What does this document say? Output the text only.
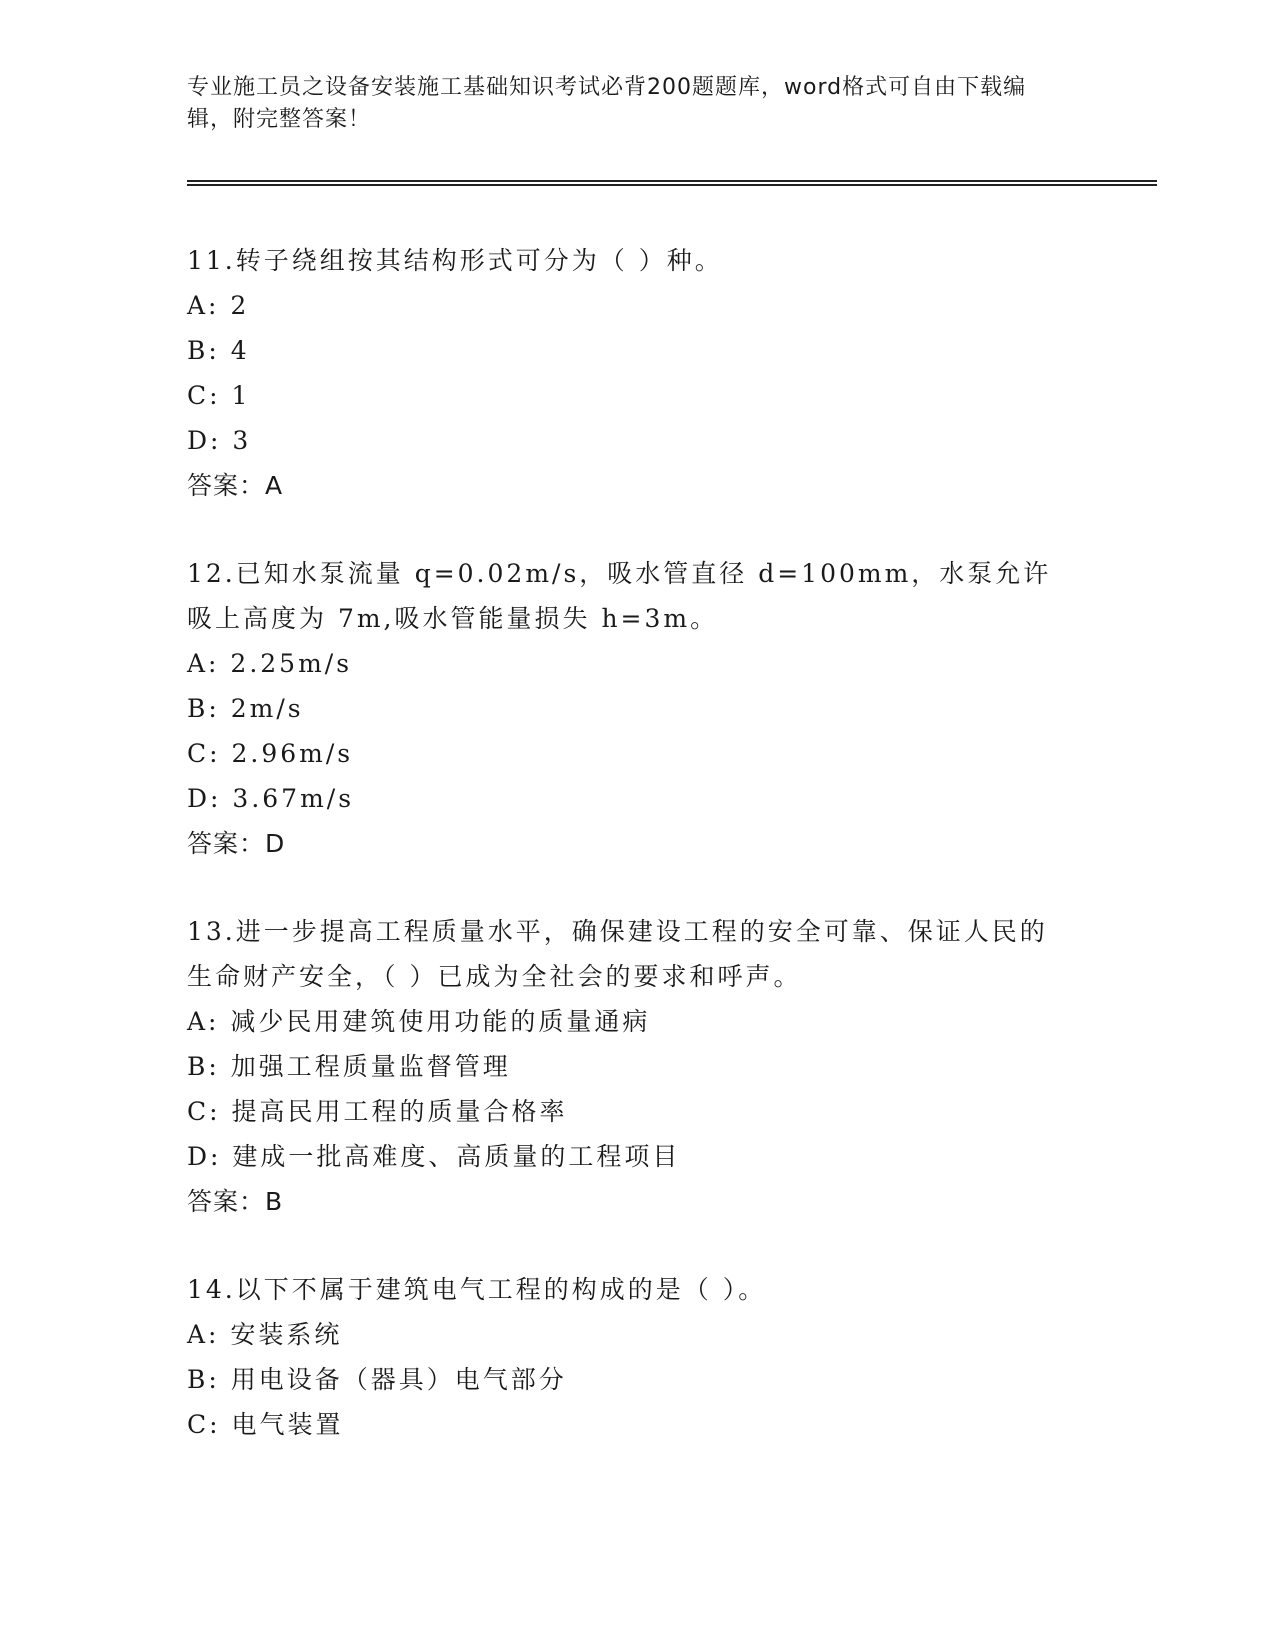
专业施工员之设备安装施工基础知识考试必背200题题库，word格式可自由下载编辑，附完整答案！

11.转子绕组按其结构形式可分为（ ）种。

A: 2

B: 4

C: 1

D: 3

答案：A

12.已知水泵流量 q=0.02m/s，吸水管直径 d=100mm，水泵允许吸上高度为 7m,吸水管能量损失 h=3m。

A: 2.25m/s

B: 2m/s

C: 2.96m/s

D: 3.67m/s

答案：D

13.进一步提高工程质量水平，确保建设工程的安全可靠、保证人民的生命财产安全，（ ）已成为全社会的要求和呼声。

A: 减少民用建筑使用功能的质量通病

B: 加强工程质量监督管理

C: 提高民用工程的质量合格率

D: 建成一批高难度、高质量的工程项目

答案：B

14.以下不属于建筑电气工程的构成的是（ ）。

A: 安装系统

B: 用电设备（器具）电气部分

C: 电气装置
